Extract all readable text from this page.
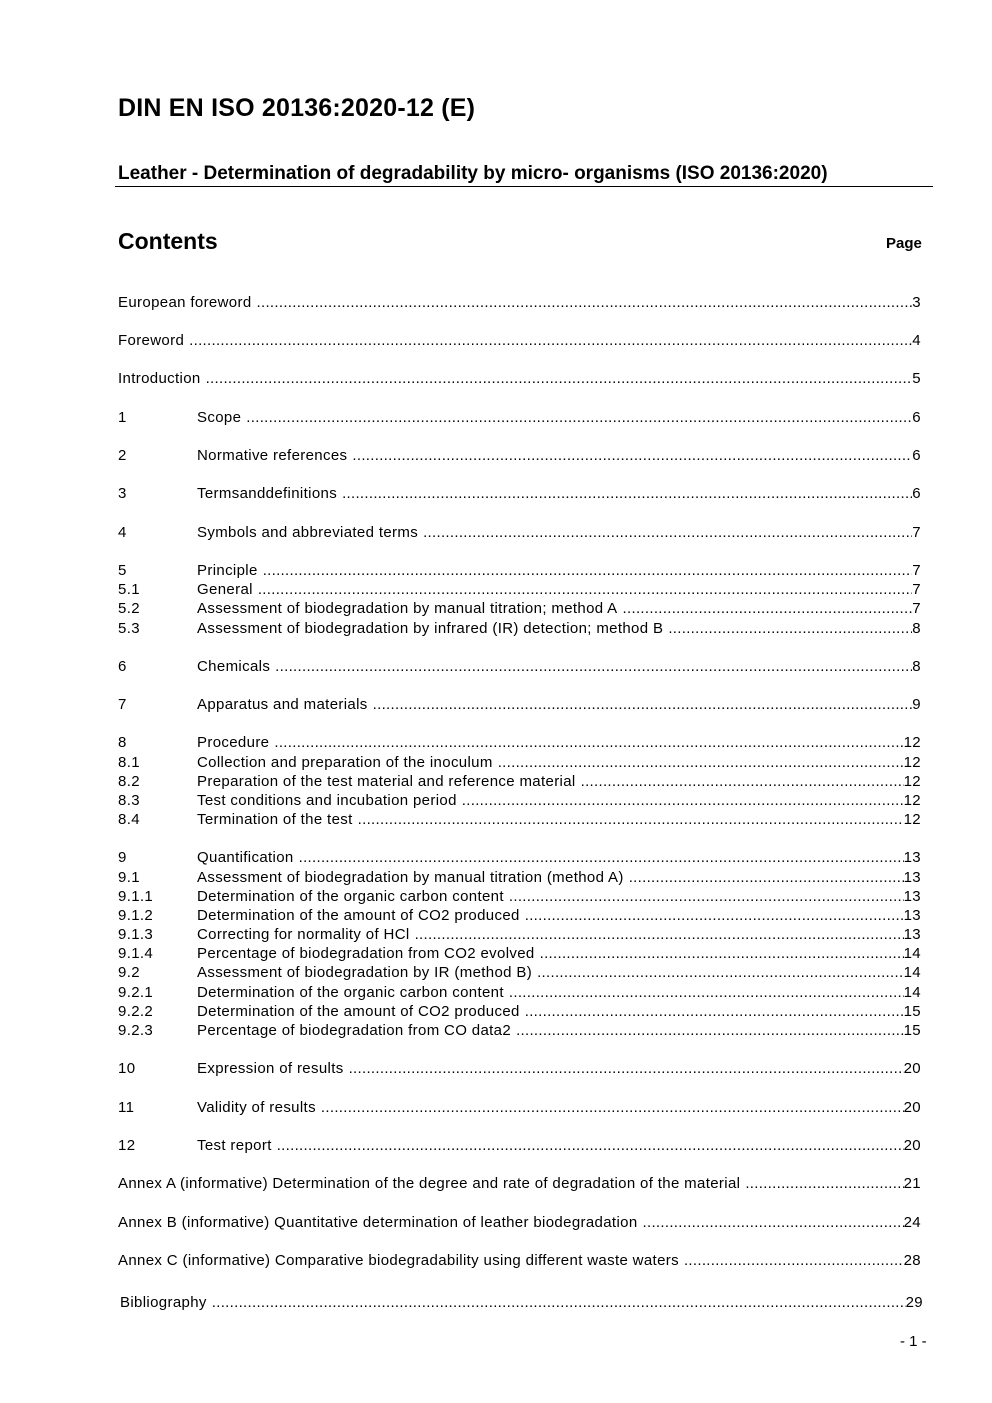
DIN EN ISO 20136:2020-12 (E)
Leather - Determination of degradability by micro- organisms (ISO 20136:2020)
Contents	Page
European foreword .....	3
Foreword .....	4
Introduction .....	5
1	Scope .....	6
2	Normative references .....	6
3	Termsanddefinitions .....	6
4	Symbols and abbreviated terms .....	7
5	Principle .....	7
5.1	General .....	7
5.2	Assessment of biodegradation by manual titration; method A .....	7
5.3	Assessment of biodegradation by infrared (IR) detection; method B .....	8
6	Chemicals .....	8
7	Apparatus and materials .....	9
8	Procedure .....	12
8.1	Collection and preparation of the inoculum .....	12
8.2	Preparation of the test material and reference material .....	12
8.3	Test conditions and incubation period .....	12
8.4	Termination of the test .....	12
9	Quantification .....	13
9.1	Assessment of biodegradation by manual titration (method A) .....	13
9.1.1	Determination of the organic carbon content .....	13
9.1.2	Determination of the amount of CO2 produced .....	13
9.1.3	Correcting for normality of HCl .....	13
9.1.4	Percentage of biodegradation from CO2 evolved .....	14
9.2	Assessment of biodegradation by IR (method B) .....	14
9.2.1	Determination of the organic carbon content .....	14
9.2.2	Determination of the amount of CO2 produced .....	15
9.2.3	Percentage of biodegradation from CO data2 .....	15
10	Expression of results .....	20
11	Validity of results .....	20
12	Test report .....	20
Annex A (informative) Determination of the degree and rate of degradation of the material .....	21
Annex B (informative) Quantitative determination of leather biodegradation .....	24
Annex C (informative) Comparative biodegradability using different waste waters .....	28
Bibliography .....	29
- 1 -
